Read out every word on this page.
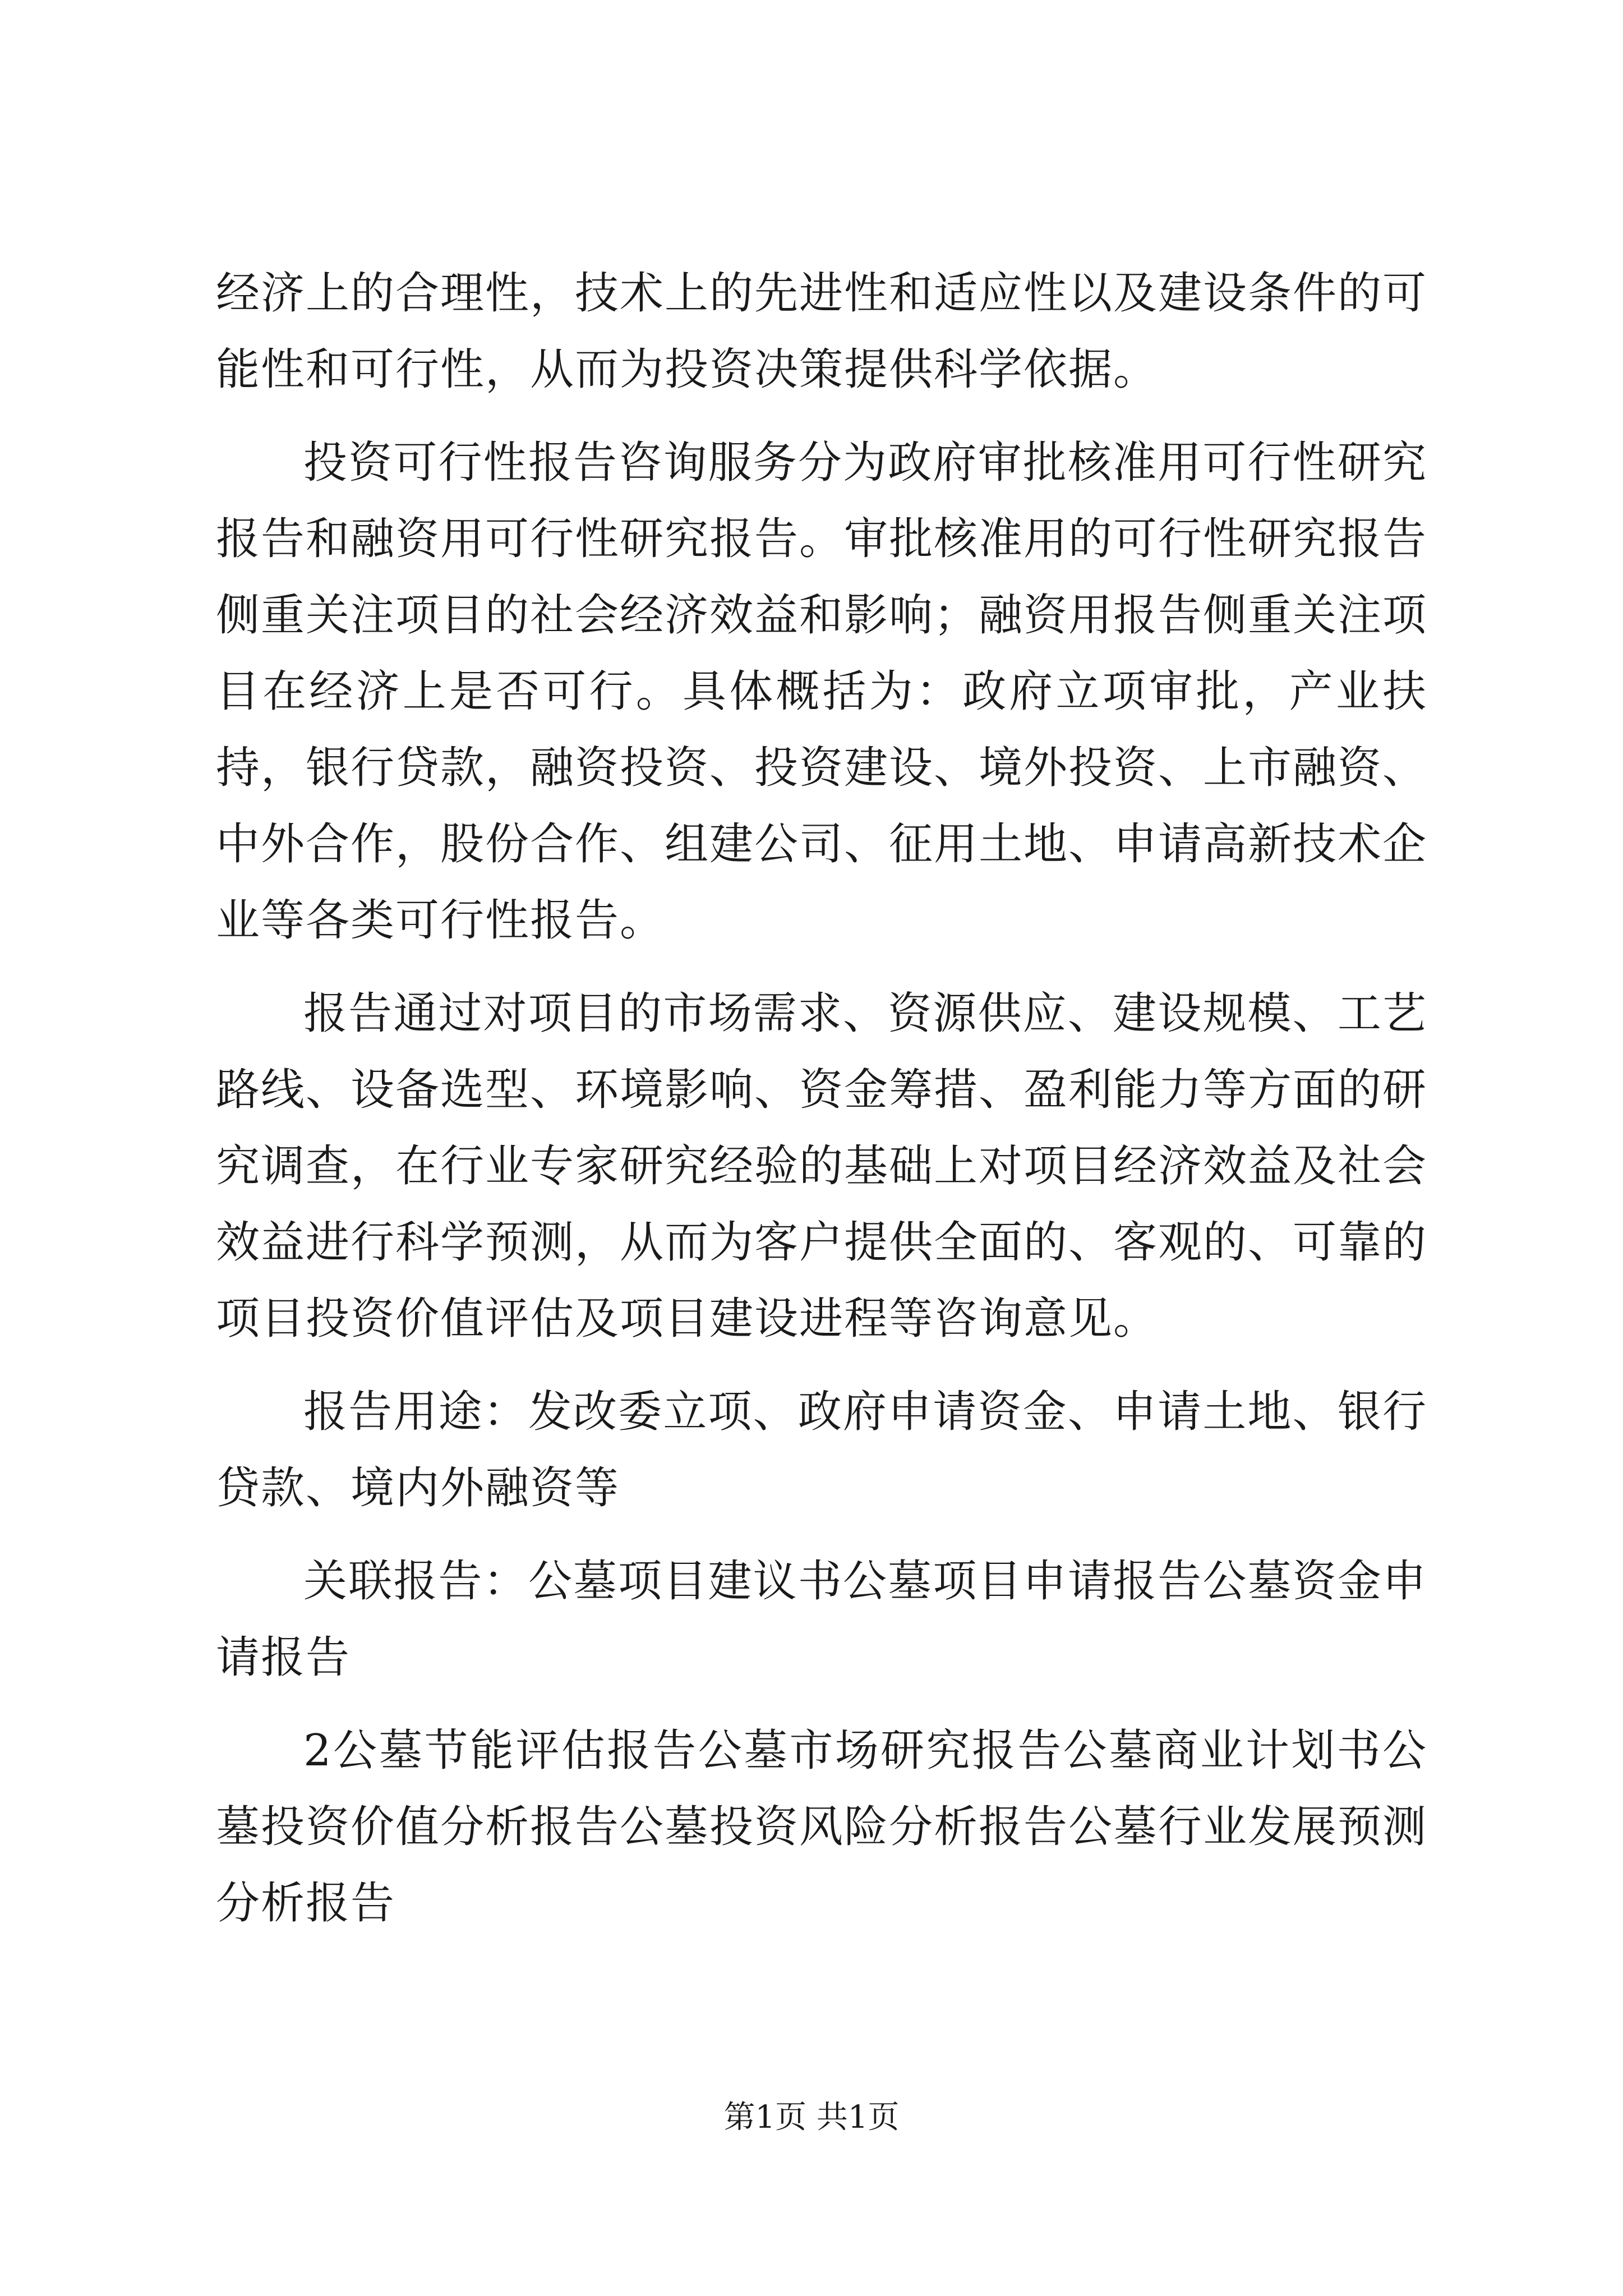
经济上的合理性，技术上的先进性和适应性以及建设条件的可能性和可行性，从而为投资决策提供科学依据。

投资可行性报告咨询服务分为政府审批核准用可行性研究报告和融资用可行性研究报告。审批核准用的可行性研究报告侧重关注项目的社会经济效益和影响；融资用报告侧重关注项目在经济上是否可行。具体概括为：政府立项审批，产业扶持，银行贷款，融资投资、投资建设、境外投资、上市融资、中外合作，股份合作、组建公司、征用土地、申请高新技术企业等各类可行性报告。

报告通过对项目的市场需求、资源供应、建设规模、工艺路线、设备选型、环境影响、资金筹措、盈利能力等方面的研究调查，在行业专家研究经验的基础上对项目经济效益及社会效益进行科学预测，从而为客户提供全面的、客观的、可靠的项目投资价值评估及项目建设进程等咨询意见。

报告用途：发改委立项、政府申请资金、申请土地、银行贷款、境内外融资等

关联报告：公墓项目建议书公墓项目申请报告公墓资金申请报告

2公墓节能评估报告公墓市场研究报告公墓商业计划书公墓投资价值分析报告公墓投资风险分析报告公墓行业发展预测分析报告

第1页 共1页
